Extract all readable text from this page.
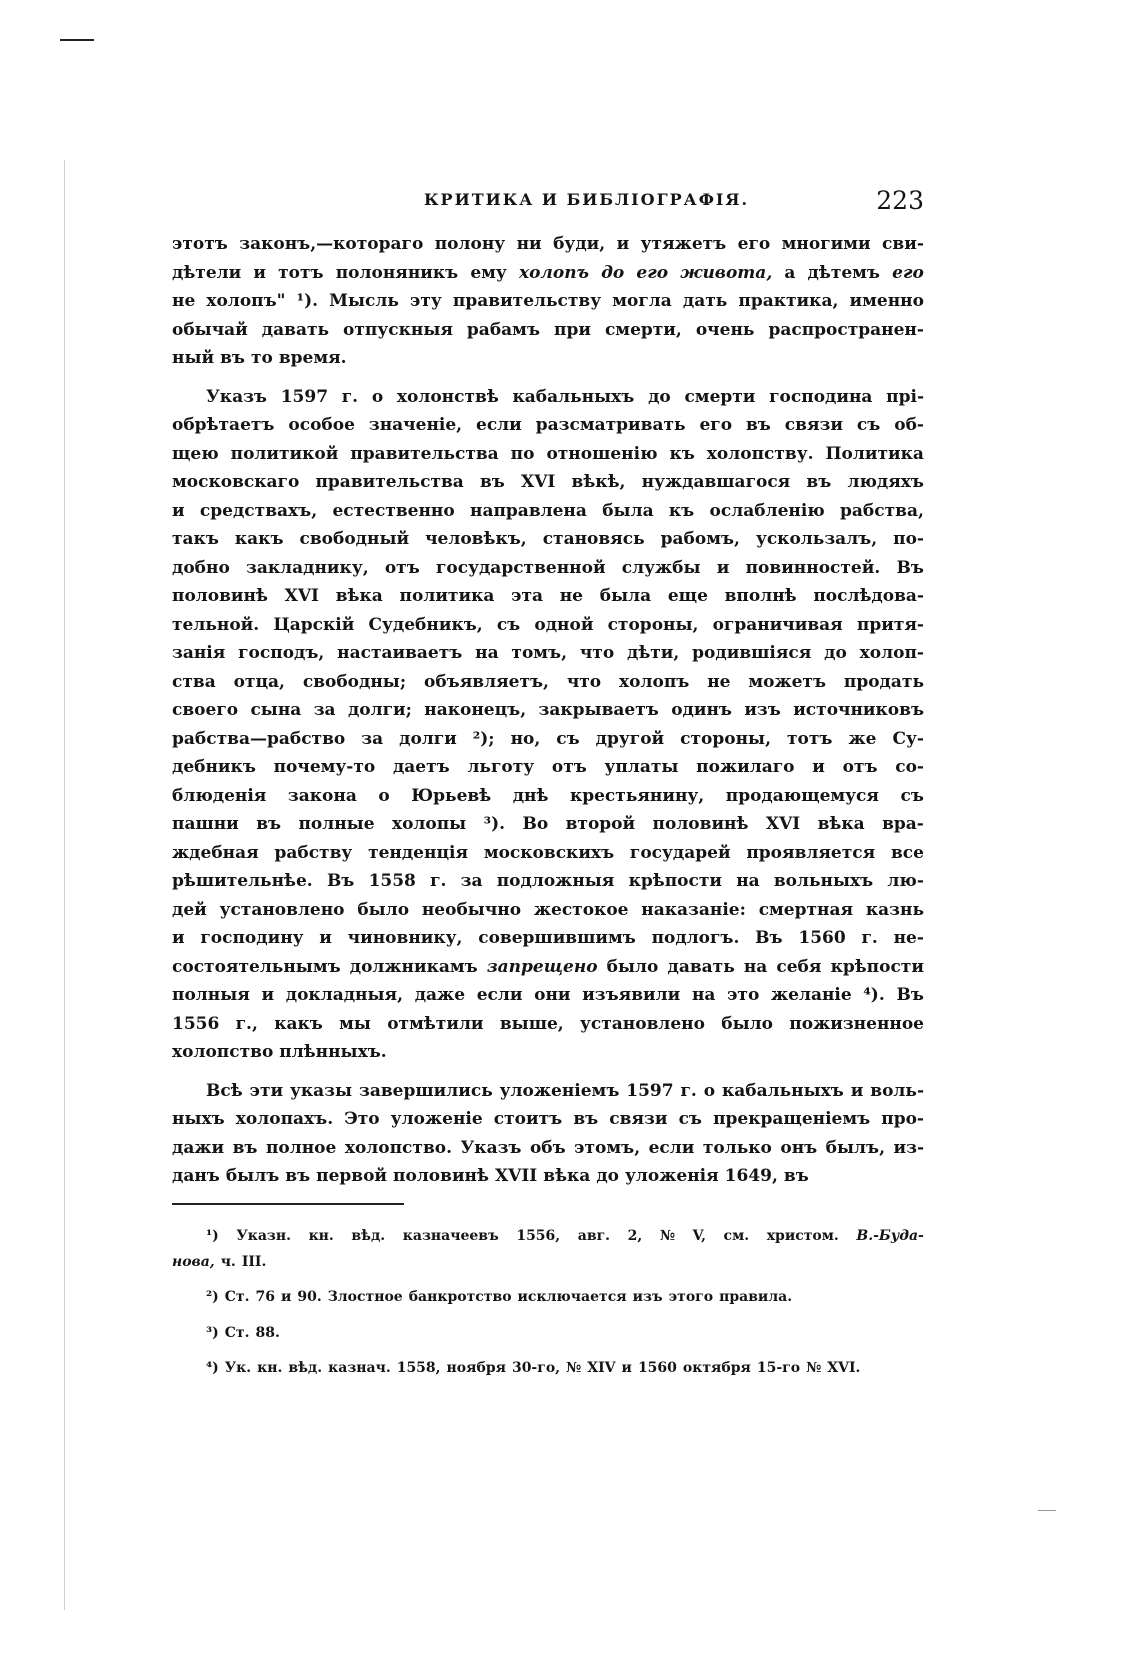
КРИТИКА И БИБЛІОГРАФІЯ.	223
этотъ законъ,—котораго полону ни буди, и утяжетъ его многими сви-
дѣтели и тотъ полоняникъ ему холопъ до его живота, а дѣтемъ его
не холопъ" ¹). Мысль эту правительству могла дать практика, именно
обычай давать отпускныя рабамъ при смерти, очень распространен-
ный въ то время.
Указъ 1597 г. о холонствѣ кабальныхъ до смерти господина прі-
обрѣтаетъ особое значеніе, если разсматривать его въ связи съ об-
щею политикой правительства по отношенію къ холопству. Политика
московскаго правительства въ XVI вѣкѣ, нуждавшагося въ людяхъ
и средствахъ, естественно направлена была къ ослабленію рабства,
такъ какъ свободный человѣкъ, становясь рабомъ, ускользалъ, по-
добно закладнику, отъ государственной службы и повинностей. Въ
половинѣ XVI вѣка политика эта не была еще вполнѣ послѣдова-
тельной. Царскій Судебникъ, съ одной стороны, ограничивая притя-
занія господъ, настаиваетъ на томъ, что дѣти, родившіяся до холоп-
ства отца, свободны; объявляетъ, что холопъ не можетъ продать
своего сына за долги; наконецъ, закрываетъ одинъ изъ источниковъ
рабства—рабство за долги ²); но, съ другой стороны, тотъ же Су-
дебникъ почему-то даетъ льготу отъ уплаты пожилаго и отъ со-
блюденія закона о Юрьевѣ днѣ крестьянину, продающемуся съ
пашни въ полные холопы ³). Во второй половинѣ XVI вѣка вра-
ждебная рабству тенденція московскихъ государей проявляется все
рѣшительнѣе. Въ 1558 г. за подложныя крѣпости на вольныхъ лю-
дей установлено было необычно жестокое наказаніе: смертная казнь
и господину и чиновнику, совершившимъ подлогъ. Въ 1560 г. не-
состоятельнымъ должникамъ запрещено было давать на себя крѣпости
полныя и докладныя, даже если они изъявили на это желаніе ⁴). Въ
1556 г., какъ мы отмѣтили выше, установлено было пожизненное
холопство плѣнныхъ.
Всѣ эти указы завершились уложеніемъ 1597 г. о кабальныхъ и воль-
ныхъ холопахъ. Это уложеніе стоитъ въ связи съ прекращеніемъ про-
дажи въ полное холопство. Указъ объ этомъ, если только онъ былъ, из-
данъ былъ въ первой половинѣ XVII вѣка до уложенія 1649, въ
¹) Указн. кн. вѣд. казначеевъ 1556, авг. 2, № V, см. христом. В.-Буда-
нова, ч. III.
²) Ст. 76 и 90. Злостное банкротство исключается изъ этого правила.
³) Ст. 88.
⁴) Ук. кн. вѣд. казнач. 1558, ноября 30-го, № XIV и 1560 октября 15-го № XVI.
